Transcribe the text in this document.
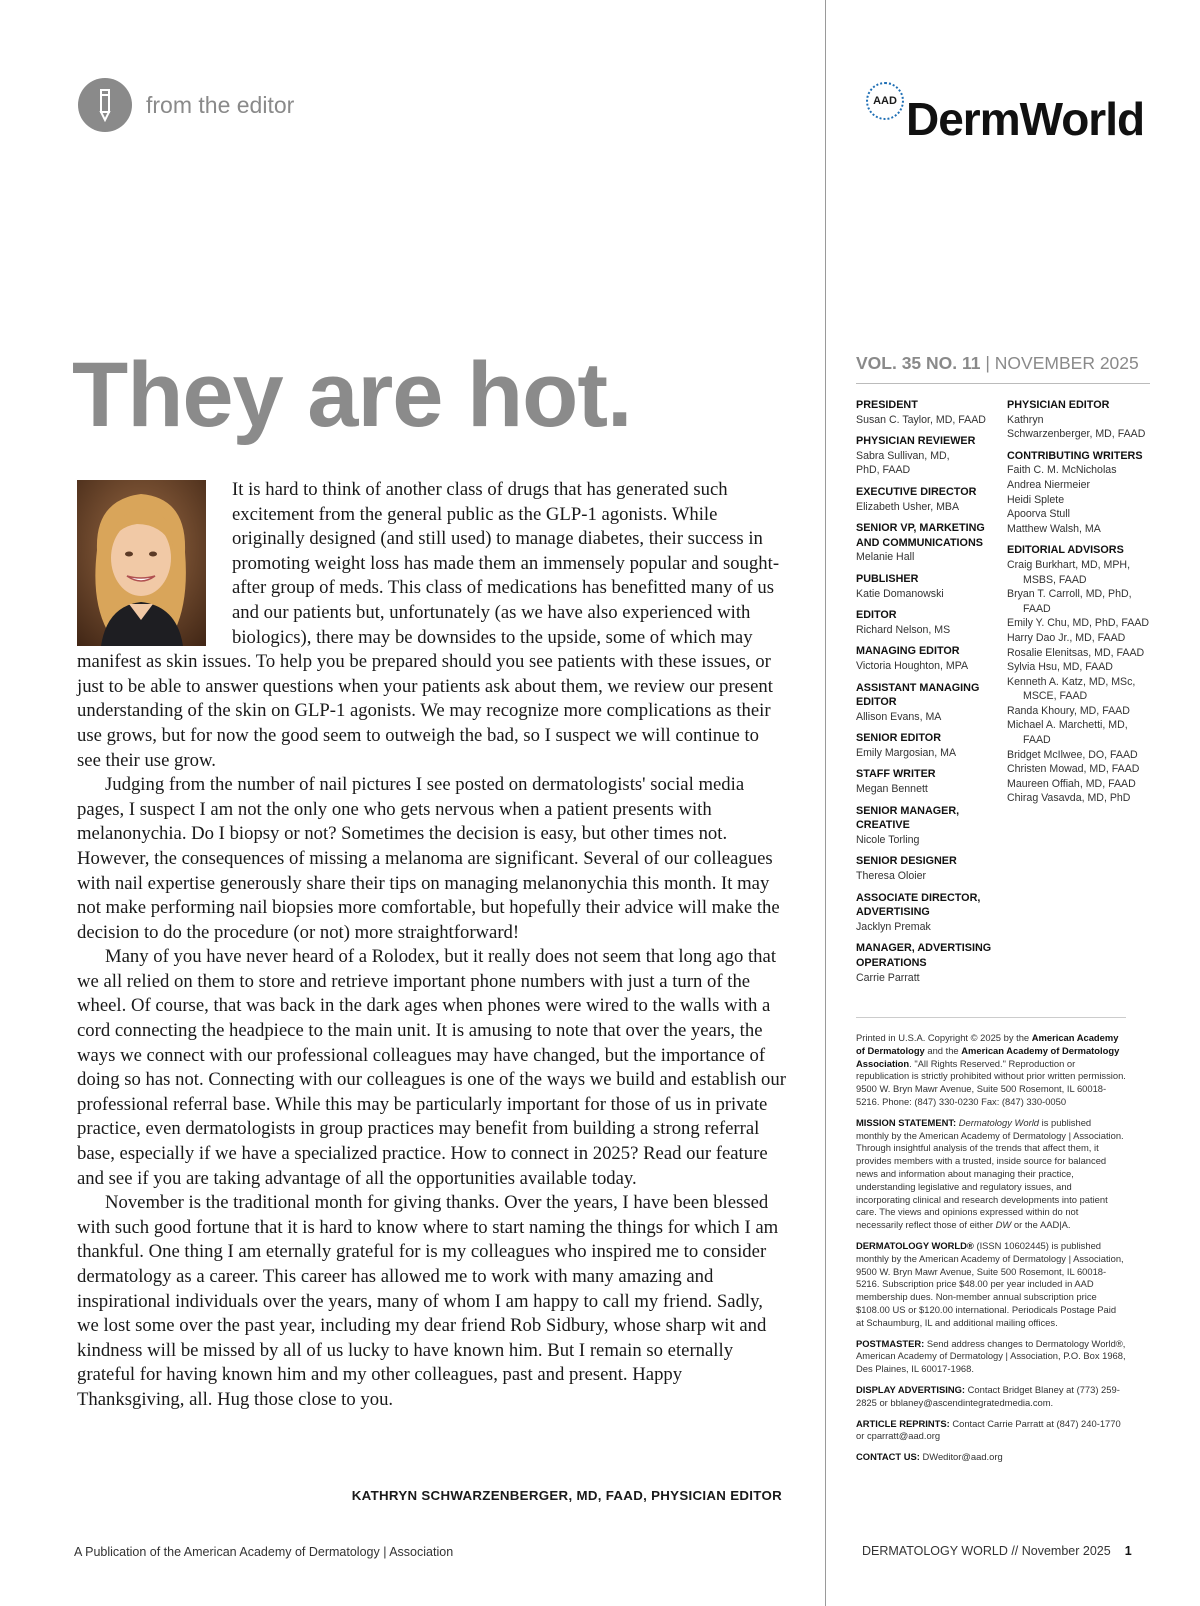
from the editor	AAD DermWorld
They are hot.

It is hard to think of another class of drugs that has generated such excitement from the general public as the GLP-1 agonists. While originally designed (and still used) to manage diabetes, their success in promoting weight loss has made them an immensely popular and sought-after group of meds. This class of medications has benefitted many of us and our patients but, unfortunately (as we have also experienced with biologics), there may be downsides to the upside, some of which may manifest as skin issues. To help you be prepared should you see patients with these issues, or just to be able to answer questions when your patients ask about them, we review our present understanding of the skin on GLP-1 agonists. We may recognize more complications as their use grows, but for now the good seem to outweigh the bad, so I suspect we will continue to see their use grow.

Judging from the number of nail pictures I see posted on dermatologists' social media pages, I suspect I am not the only one who gets nervous when a patient presents with melanonychia. Do I biopsy or not? Sometimes the decision is easy, but other times not. However, the consequences of missing a melanoma are significant. Several of our colleagues with nail expertise generously share their tips on managing melanonychia this month. It may not make performing nail biopsies more comfortable, but hopefully their advice will make the decision to do the procedure (or not) more straightforward!

Many of you have never heard of a Rolodex, but it really does not seem that long ago that we all relied on them to store and retrieve important phone numbers with just a turn of the wheel. Of course, that was back in the dark ages when phones were wired to the walls with a cord connecting the headpiece to the main unit. It is amusing to note that over the years, the ways we connect with our professional colleagues may have changed, but the importance of doing so has not. Connecting with our colleagues is one of the ways we build and establish our professional referral base. While this may be particularly important for those of us in private practice, even dermatologists in group practices may benefit from building a strong referral base, especially if we have a specialized practice. How to connect in 2025? Read our feature and see if you are taking advantage of all the opportunities available today.

November is the traditional month for giving thanks. Over the years, I have been blessed with such good fortune that it is hard to know where to start naming the things for which I am thankful. One thing I am eternally grateful for is my colleagues who inspired me to consider dermatology as a career. This career has allowed me to work with many amazing and inspirational individuals over the years, many of whom I am happy to call my friend. Sadly, we lost some over the past year, including my dear friend Rob Sidbury, whose sharp wit and kindness will be missed by all of us lucky to have known him. But I remain so eternally grateful for having known him and my other colleagues, past and present. Happy Thanksgiving, all. Hug those close to you.

KATHRYN SCHWARZENBERGER, MD, FAAD, PHYSICIAN EDITOR
VOL. 35 NO. 11 | NOVEMBER 2025
PRESIDENT
Susan C. Taylor, MD, FAAD
PHYSICIAN REVIEWER
Sabra Sullivan, MD,
PhD, FAAD
EXECUTIVE DIRECTOR
Elizabeth Usher, MBA
SENIOR VP, MARKETING AND COMMUNICATIONS
Melanie Hall
PUBLISHER
Katie Domanowski
EDITOR
Richard Nelson, MS
MANAGING EDITOR
Victoria Houghton, MPA
ASSISTANT MANAGING EDITOR
Allison Evans, MA
SENIOR EDITOR
Emily Margosian, MA
STAFF WRITER
Megan Bennett
SENIOR MANAGER, CREATIVE
Nicole Torling
SENIOR DESIGNER
Theresa Oloier
ASSOCIATE DIRECTOR, ADVERTISING
Jacklyn Premak
MANAGER, ADVERTISING OPERATIONS
Carrie Parratt
PHYSICIAN EDITOR
Kathryn
Schwarzenberger, MD, FAAD
CONTRIBUTING WRITERS
Faith C. M. McNicholas
Andrea Niermeier
Heidi Splete
Apoorva Stull
Matthew Walsh, MA
EDITORIAL ADVISORS
Craig Burkhart, MD, MPH, MSBS, FAAD
Bryan T. Carroll, MD, PhD, FAAD
Emily Y. Chu, MD, PhD, FAAD
Harry Dao Jr., MD, FAAD
Rosalie Elenitsas, MD, FAAD
Sylvia Hsu, MD, FAAD
Kenneth A. Katz, MD, MSc, MSCE, FAAD
Randa Khoury, MD, FAAD
Michael A. Marchetti, MD, FAAD
Bridget McIlwee, DO, FAAD
Christen Mowad, MD, FAAD
Maureen Offiah, MD, FAAD
Chirag Vasavda, MD, PhD
Printed in U.S.A. Copyright © 2025 by the American Academy of Dermatology and the American Academy of Dermatology Association. "All Rights Reserved." Reproduction or republication is strictly prohibited without prior written permission. 9500 W. Bryn Mawr Avenue, Suite 500 Rosemont, IL 60018-5216. Phone: (847) 330-0230 Fax: (847) 330-0050
MISSION STATEMENT: Dermatology World is published monthly by the American Academy of Dermatology | Association. Through insightful analysis of the trends that affect them, it provides members with a trusted, inside source for balanced news and information about managing their practice, understanding legislative and regulatory issues, and incorporating clinical and research developments into patient care. The views and opinions expressed within do not necessarily reflect those of either DW or the AAD|A.
DERMATOLOGY WORLD® (ISSN 10602445) is published monthly by the American Academy of Dermatology | Association, 9500 W. Bryn Mawr Avenue, Suite 500 Rosemont, IL 60018-5216. Subscription price $48.00 per year included in AAD membership dues. Non-member annual subscription price $108.00 US or $120.00 international. Periodicals Postage Paid at Schaumburg, IL and additional mailing offices.
POSTMASTER: Send address changes to Dermatology World®, American Academy of Dermatology | Association, P.O. Box 1968, Des Plaines, IL 60017-1968.
DISPLAY ADVERTISING: Contact Bridget Blaney at (773) 259-2825 or bblaney@ascendintegratedmedia.com.
ARTICLE REPRINTS: Contact Carrie Parratt at (847) 240-1770 or cparratt@aad.org
CONTACT US: DWeditor@aad.org
A Publication of the American Academy of Dermatology | Association	DERMATOLOGY WORLD // November 2025 1
